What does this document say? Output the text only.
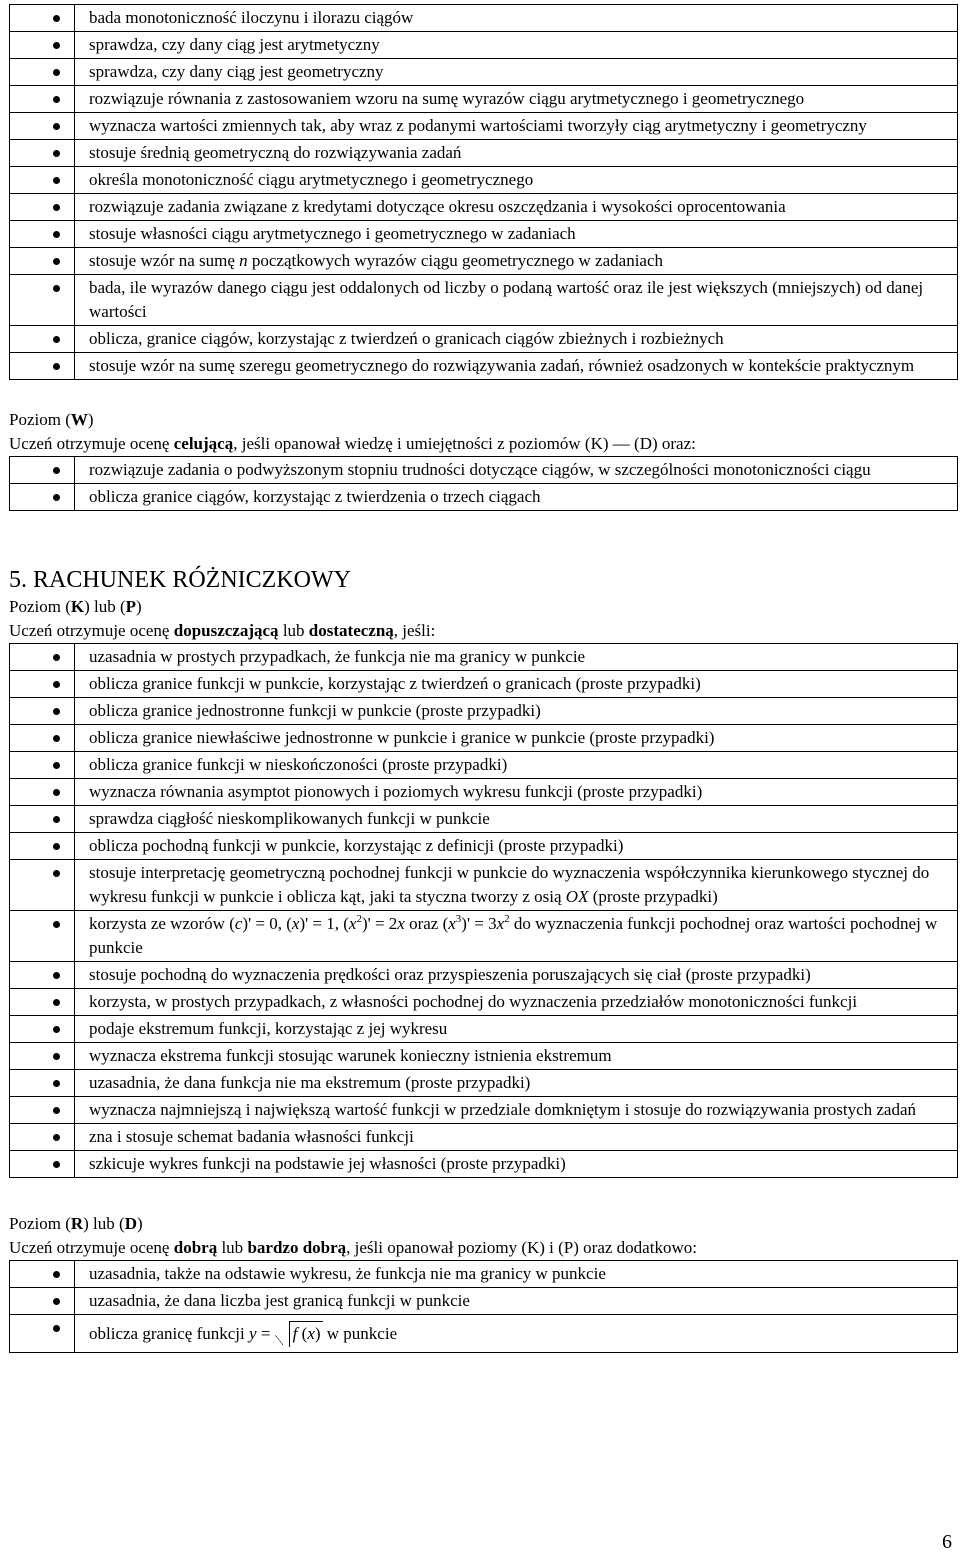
	bada monotoniczność iloczynu i ilorazu ciągów

	sprawdza, czy dany ciąg jest arytmetyczny

	sprawdza, czy dany ciąg jest geometryczny

	rozwiązuje równania z zastosowaniem wzoru na sumę wyrazów ciągu arytmetycznego i geometrycznego

	wyznacza wartości zmiennych tak, aby wraz z podanymi wartościami tworzyły ciąg arytmetyczny i geometryczny

	stosuje średnią geometryczną do rozwiązywania zadań

	określa monotoniczność ciągu arytmetycznego i geometrycznego

	rozwiązuje zadania związane z kredytami dotyczące okresu oszczędzania i wysokości oprocentowania

	stosuje własności ciągu arytmetycznego i geometrycznego w zadaniach

	stosuje wzór na sumę n początkowych wyrazów ciągu geometrycznego w zadaniach

	bada, ile wyrazów danego ciągu jest oddalonych od liczby o podaną wartość oraz ile jest większych (mniejszych) od danej wartości

	oblicza, granice ciągów, korzystając z twierdzeń o granicach ciągów zbieżnych i rozbieżnych

	stosuje wzór na sumę szeregu geometrycznego do rozwiązywania zadań, również osadzonych w kontekście praktycznym
Poziom (W)
Uczeń otrzymuje ocenę celującą, jeśli opanował wiedzę i umiejętności z poziomów (K) — (D) oraz:
	rozwiązuje zadania o podwyższonym stopniu trudności dotyczące ciągów, w szczególności monotoniczności ciągu

	oblicza granice ciągów, korzystając z twierdzenia o trzech ciągach
5. RACHUNEK RÓŻNICZKOWY
Poziom (K) lub (P)
Uczeń otrzymuje ocenę dopuszczającą lub dostateczną, jeśli:
	uzasadnia w prostych przypadkach, że funkcja nie ma granicy w punkcie

	oblicza granice funkcji w punkcie, korzystając z twierdzeń o granicach (proste przypadki)

	oblicza granice jednostronne funkcji w punkcie (proste przypadki)

	oblicza granice niewłaściwe jednostronne w punkcie i granice w punkcie (proste przypadki)

	oblicza granice funkcji w nieskończoności (proste przypadki)

	wyznacza równania asymptot pionowych i poziomych wykresu funkcji (proste przypadki)

	sprawdza ciągłość nieskomplikowanych funkcji w punkcie

	oblicza pochodną funkcji w punkcie, korzystając z definicji (proste przypadki)

	stosuje interpretację geometryczną pochodnej funkcji w punkcie do wyznaczenia współczynnika kierunkowego stycznej do wykresu funkcji w punkcie i oblicza kąt, jaki ta styczna tworzy z osią OX (proste przypadki)

	korzysta ze wzorów (c)' = 0, (x)' = 1, $(x^2)' = 2x$ oraz $(x^3)' = 3x^2$ do wyznaczenia funkcji pochodnej oraz wartości pochodnej w punkcie

	stosuje pochodną do wyznaczenia prędkości oraz przyspieszenia poruszających się ciał (proste przypadki)

	korzysta, w prostych przypadkach, z własności pochodnej do wyznaczenia przedziałów monotoniczności funkcji

	podaje ekstremum funkcji, korzystając z jej wykresu

	wyznacza ekstrema funkcji stosując warunek konieczny istnienia ekstremum

	uzasadnia, że dana funkcja nie ma ekstremum (proste przypadki)

	wyznacza najmniejszą i największą wartość funkcji w przedziale domkniętym i stosuje do rozwiązywania prostych zadań

	zna i stosuje schemat badania własności funkcji

	szkicuje wykres funkcji na podstawie jej własności (proste przypadki)
Poziom (R) lub (D)
Uczeń otrzymuje ocenę dobrą lub bardzo dobrą, jeśli opanował poziomy (K) i (P) oraz dodatkowo:
	uzasadnia, także na odstawie wykresu, że funkcja nie ma granicy w punkcie

	uzasadnia, że dana liczba jest granicą funkcji w punkcie

	oblicza granicę funkcji y = f (x) w punkcie
6
